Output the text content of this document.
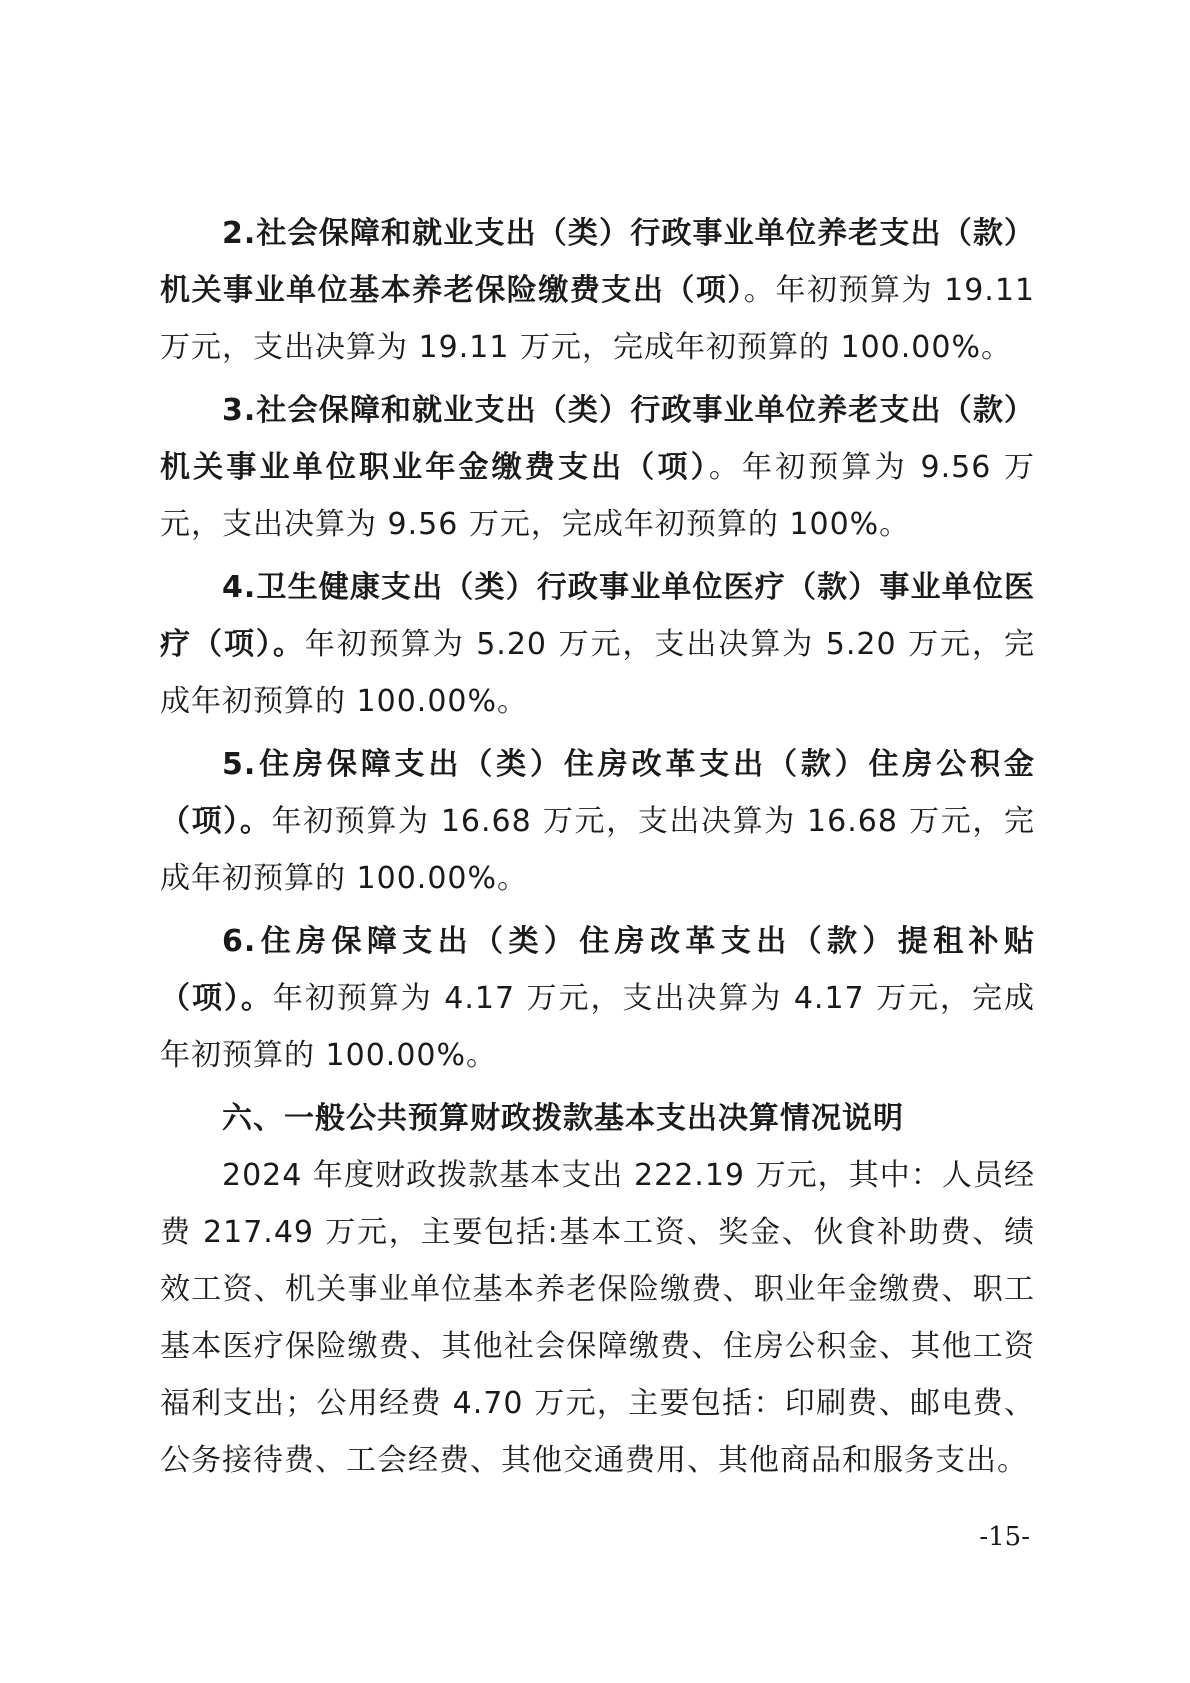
2.社会保障和就业支出（类）行政事业单位养老支出（款）机关事业单位基本养老保险缴费支出（项）。年初预算为 19.11 万元，支出决算为 19.11 万元，完成年初预算的 100.00%。

3.社会保障和就业支出（类）行政事业单位养老支出（款）机关事业单位职业年金缴费支出（项）。年初预算为 9.56 万元，支出决算为 9.56 万元，完成年初预算的 100%。

4.卫生健康支出（类）行政事业单位医疗（款）事业单位医疗（项）。年初预算为 5.20 万元，支出决算为 5.20 万元，完成年初预算的 100.00%。

5.住房保障支出（类）住房改革支出（款）住房公积金（项）。年初预算为 16.68 万元，支出决算为 16.68 万元，完成年初预算的 100.00%。

6.住房保障支出（类）住房改革支出（款）提租补贴（项）。年初预算为 4.17 万元，支出决算为 4.17 万元，完成年初预算的 100.00%。

六、一般公共预算财政拨款基本支出决算情况说明

2024 年度财政拨款基本支出 222.19 万元，其中：人员经费 217.49 万元，主要包括:基本工资、奖金、伙食补助费、绩效工资、机关事业单位基本养老保险缴费、职业年金缴费、职工基本医疗保险缴费、其他社会保障缴费、住房公积金、其他工资福利支出；公用经费 4.70 万元，主要包括：印刷费、邮电费、公务接待费、工会经费、其他交通费用、其他商品和服务支出。

-15-
